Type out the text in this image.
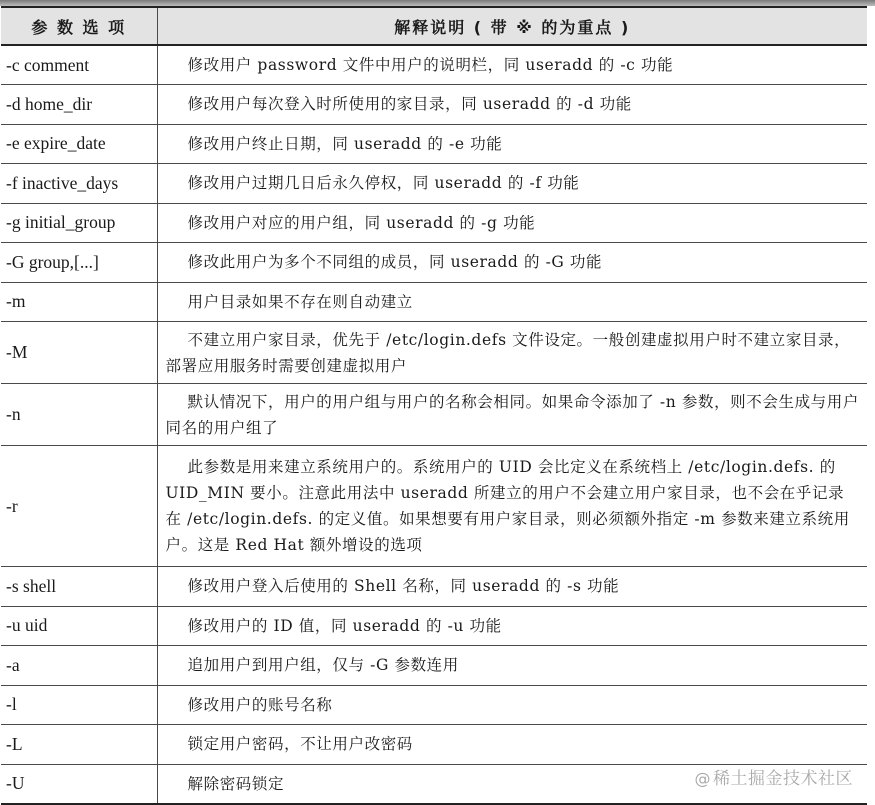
参 数 选 项	解释说明 ( 带 ※ 的为重点 )
-c comment	修改用户 password 文件中用户的说明栏，同 useradd 的 -c 功能
-d home_dir	修改用户每次登入时所使用的家目录，同 useradd 的 -d 功能
-e expire_date	修改用户终止日期，同 useradd 的 -e 功能
-f inactive_days	修改用户过期几日后永久停权，同 useradd 的 -f 功能
-g initial_group	修改用户对应的用户组，同 useradd 的 -g 功能
-G group,[...]	修改此用户为多个不同组的成员，同 useradd 的 -G 功能
-m	用户目录如果不存在则自动建立
-M	不建立用户家目录，优先于 /etc/login.defs 文件设定。一般创建虚拟用户时不建立家目录，部署应用服务时需要创建虚拟用户
-n	默认情况下，用户的用户组与用户的名称会相同。如果命令添加了 -n 参数，则不会生成与用户同名的用户组了
-r	此参数是用来建立系统用户的。系统用户的 UID 会比定义在系统档上 /etc/login.defs. 的 UID_MIN 要小。注意此用法中 useradd 所建立的用户不会建立用户家目录，也不会在乎记录在 /etc/login.defs. 的定义值。如果想要有用户家目录，则必须额外指定 -m 参数来建立系统用户。这是 Red Hat 额外增设的选项
-s shell	修改用户登入后使用的 Shell 名称，同 useradd 的 -s 功能
-u uid	修改用户的 ID 值，同 useradd 的 -u 功能
-a	追加用户到用户组，仅与 -G 参数连用
-l	修改用户的账号名称
-L	锁定用户密码，不让用户改密码
-U	解除密码锁定	@ 稀土掘金技术社区
